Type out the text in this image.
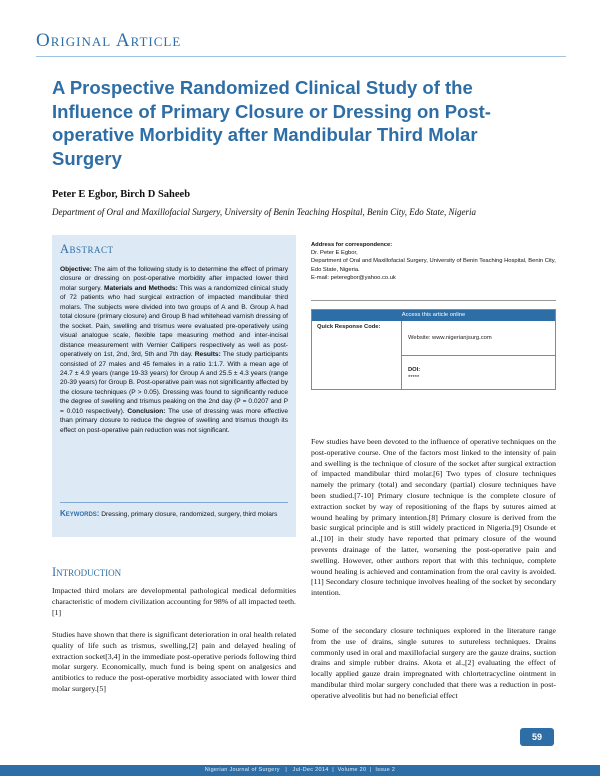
Original Article
A Prospective Randomized Clinical Study of the Influence of Primary Closure or Dressing on Post-operative Morbidity after Mandibular Third Molar Surgery
Peter E Egbor, Birch D Saheeb
Department of Oral and Maxillofacial Surgery, University of Benin Teaching Hospital, Benin City, Edo State, Nigeria
Abstract
Objective: The aim of the following study is to determine the effect of primary closure or dressing on post-operative morbidity after impacted lower third molar surgery. Materials and Methods: This was a randomized clinical study of 72 patients who had surgical extraction of impacted mandibular third molars. The subjects were divided into two groups of A and B. Group A had total closure (primary closure) and Group B had whitehead varnish dressing of the socket. Pain, swelling and trismus were evaluated pre-operatively using visual analogue scale, flexible tape measuring method and inter-incisal distance measurement with Vernier Callipers respectively as well as post-operatively on 1st, 2nd, 3rd, 5th and 7th day. Results: The study participants consisted of 27 males and 45 females in a ratio 1:1.7. With a mean age of 24.7 ± 4.9 years (range 19-33 years) for Group A and 25.5 ± 4.3 years (range 20-39 years) for Group B. Post-operative pain was not significantly affected by the closure techniques (P > 0.05). Dressing was found to significantly reduce the degree of swelling and trismus peaking on the 2nd day (P = 0.0207 and P = 0.010 respectively). Conclusion: The use of dressing was more effective than primary closure to reduce the degree of swelling and trismus though its effect on post-operative pain reduction was not significant.
Keywords: Dressing, primary closure, randomized, surgery, third molars
Introduction

Impacted third molars are developmental pathological medical deformities characteristic of modern civilization accounting for 98% of all impacted teeth.[1]

Studies have shown that there is significant deterioration in oral health related quality of life such as trismus, swelling,[2] pain and delayed healing of extraction socket[3,4] in the immediate post-operative periods following third molar surgery. Economically, much fund is being spent on analgesics and antibiotics to reduce the post-operative morbidity associated with lower third molar surgery.[5]

Address for correspondence:
Dr. Peter E Egbor,
Department of Oral and Maxillofacial Surgery, University of Benin Teaching Hospital, Benin City, Edo State, Nigeria.
E-mail: peteregbor@yahoo.co.uk
Access this article online
Quick Response Code:
Website: www.nigerianjsurg.com
DOI:
*****

Few studies have been devoted to the influence of operative techniques on the post-operative course. One of the factors most linked to the intensity of pain and swelling is the technique of closure of the socket after surgical extraction of impacted mandibular third molar.[6] Two types of closure techniques namely the primary (total) and secondary (partial) closure techniques have been studied.[7-10] Primary closure technique is the complete closure of extraction socket by way of repositioning of the flaps by sutures aimed at wound healing by primary intention.[8] Primary closure is derived from the basic surgical principle and is still widely practiced in Nigeria.[9] Osunde et al.,[10] in their study have reported that primary closure of the wound prevents drainage of the latter, worsening the post-operative pain and swelling. However, other authors report that with this technique, complete wound healing is achieved and contamination from the oral cavity is avoided.[11] Secondary closure technique involves healing of the socket by secondary intention.

Some of the secondary closure techniques explored in the literature range from the use of drains, single sutures to sutureless techniques. Drains commonly used in oral and maxillofacial surgery are the gauze drains, suction drains and simple rubber drains. Akota et al.,[2] evaluating the effect of locally applied gauze drain impregnated with chlortetracycline ointment in mandibular third molar surgery concluded that there was a reduction in post-operative alveolitis but had no beneficial effect

59
Nigerian Journal of Surgery   |   Jul-Dec 2014  |  Volume 20  |  Issue 2
